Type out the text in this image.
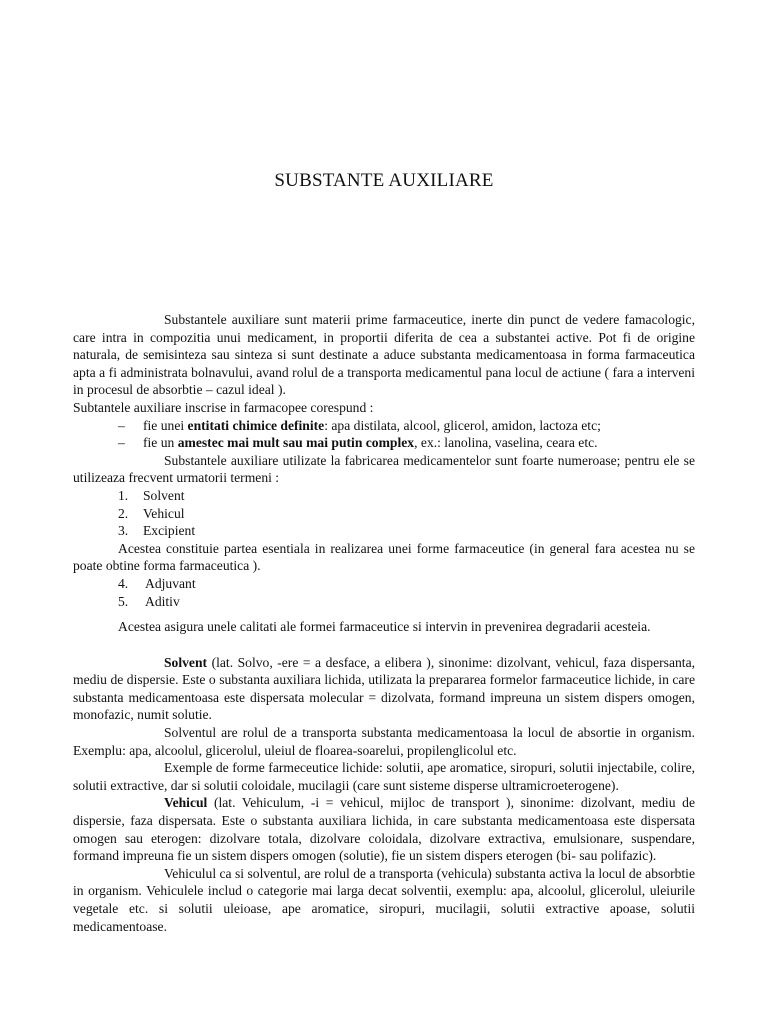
SUBSTANTE AUXILIARE

Substantele auxiliare sunt materii prime farmaceutice, inerte din punct de vedere famacologic, care intra in compozitia unui medicament, in proportii diferita de cea a substantei active. Pot fi de origine naturala, de semisinteza sau sinteza si sunt destinate a aduce substanta medicamentoasa in forma farmaceutica apta a fi administrata bolnavului, avand rolul de a transporta medicamentul pana locul de actiune ( fara a interveni in procesul de absorbtie – cazul ideal ).

Subtantele auxiliare inscrise in farmacopee corespund :

– fie unei entitati chimice definite: apa distilata, alcool, glicerol, amidon, lactoza etc;
– fie un amestec mai mult sau mai putin complex, ex.: lanolina, vaselina, ceara etc.

Substantele auxiliare utilizate la fabricarea medicamentelor sunt foarte numeroase; pentru ele se utilizeaza frecvent urmatorii termeni :

1. Solvent
2. Vehicul
3. Excipient

Acestea constituie partea esentiala in realizarea unei forme farmaceutice (in general fara acestea nu se poate obtine forma farmaceutica ).

4. Adjuvant
5. Aditiv

Acestea asigura unele calitati ale formei farmaceutice si intervin in prevenirea degradarii acesteia.

Solvent (lat. Solvo, -ere = a desface, a elibera ), sinonime: dizolvant, vehicul, faza dispersanta, mediu de dispersie. Este o substanta auxiliara lichida, utilizata la prepararea formelor farmaceutice lichide, in care substanta medicamentoasa este dispersata molecular = dizolvata, formand impreuna un sistem dispers omogen, monofazic, numit solutie.

Solventul are rolul de a transporta substanta medicamentoasa la locul de absortie in organism. Exemplu: apa, alcoolul, glicerolul, uleiul de floarea-soarelui, propilenglicolul etc.

Exemple de forme farmeceutice lichide: solutii, ape aromatice, siropuri, solutii injectabile, colire, solutii extractive, dar si solutii coloidale, mucilagii (care sunt sisteme disperse ultramicroeterogene).

Vehicul (lat. Vehiculum, -i = vehicul, mijloc de transport ), sinonime: dizolvant, mediu de dispersie, faza dispersata. Este o substanta auxiliara lichida, in care substanta medicamentoasa este dispersata omogen sau eterogen: dizolvare totala, dizolvare coloidala, dizolvare extractiva, emulsionare, suspendare, formand impreuna fie un sistem dispers omogen (solutie), fie un sistem dispers eterogen (bi- sau polifazic).

Vehiculul ca si solventul, are rolul de a transporta (vehicula) substanta activa la locul de absorbtie in organism. Vehiculele includ o categorie mai larga decat solventii, exemplu: apa, alcoolul, glicerolul, uleiurile vegetale etc. si solutii uleioase, ape aromatice, siropuri, mucilagii, solutii extractive apoase, solutii medicamentoase.
